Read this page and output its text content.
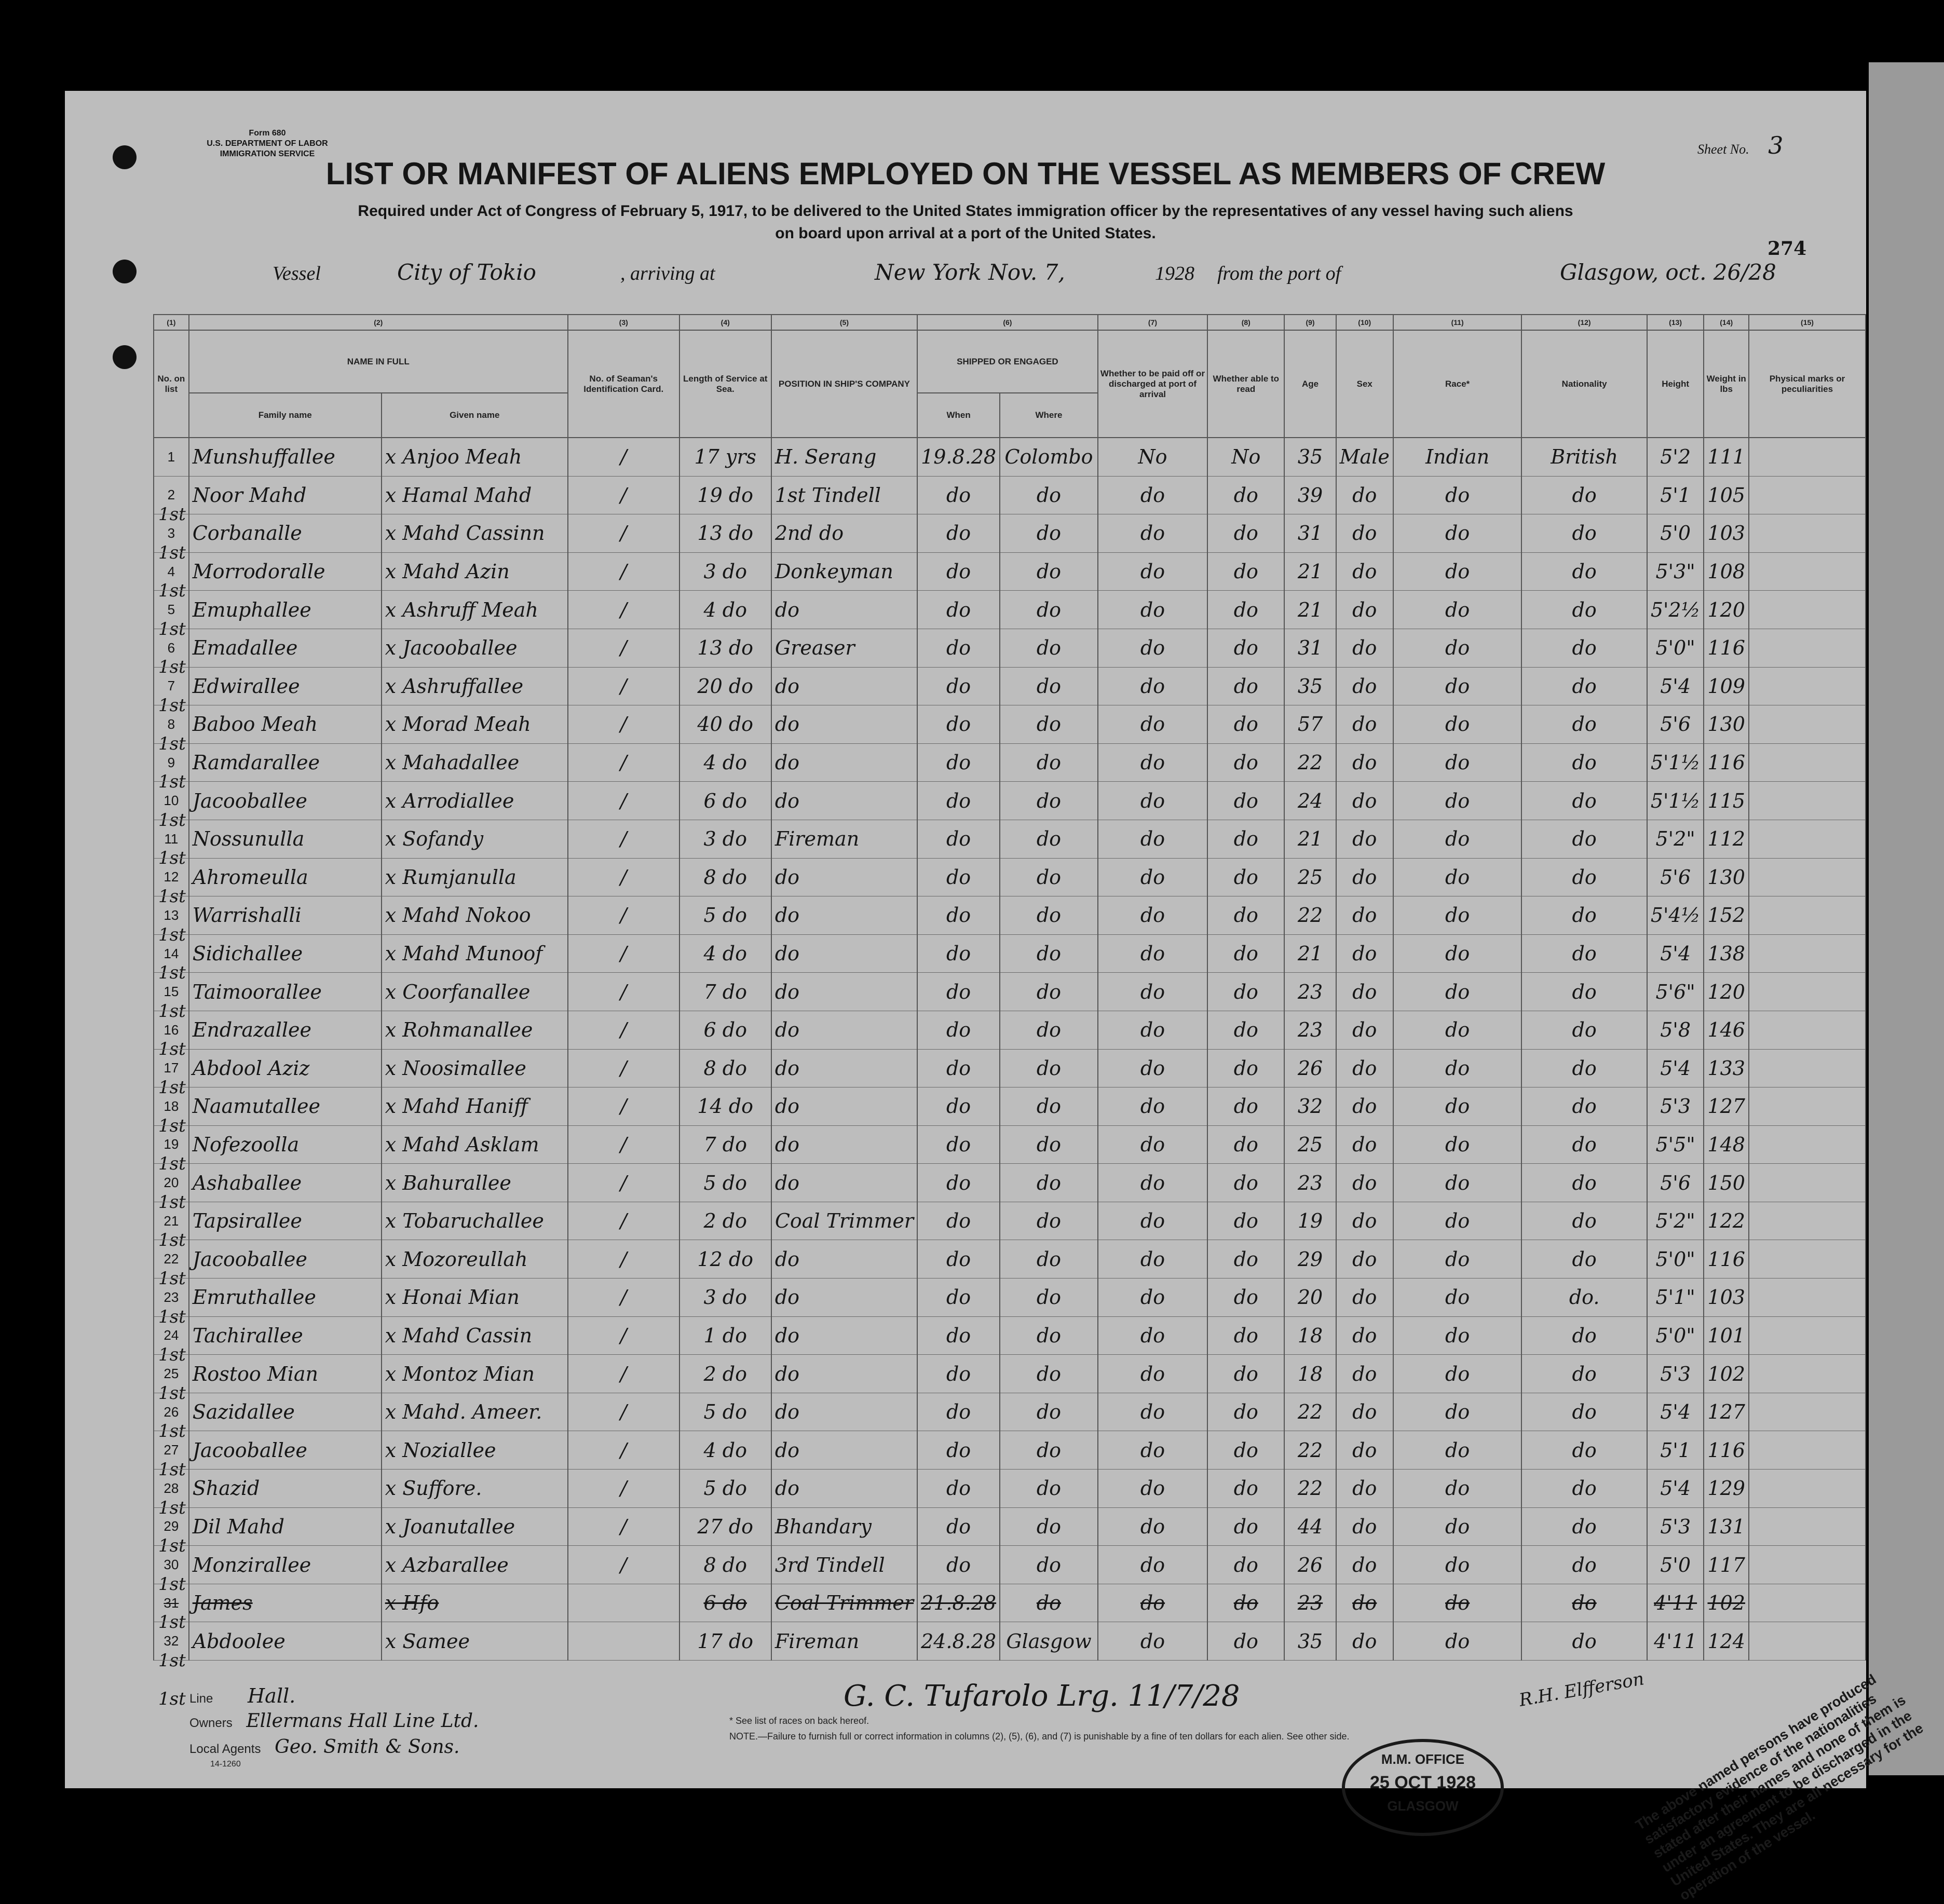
Form 680
U.S. DEPARTMENT OF LABOR
IMMIGRATION SERVICE	Sheet No. 3
LIST OR MANIFEST OF ALIENS EMPLOYED ON THE VESSEL AS MEMBERS OF CREW
Required under Act of Congress of February 5, 1917, to be delivered to the United States immigration officer by the representatives of any vessel having such aliens
on board upon arrival at a port of the United States.
Vessel	City of Tokio	, arriving at	New York Nov. 7,	1928 from the port of	Glasgow, oct. 26/28
274
1st
1st
1st
1st
1st
1st
1st
1st
1st
1st
1st
1st
1st
1st
1st
1st
1st
1st
1st
1st
1st
1st
1st
1st
1st
1st
1st
1st
1st
1st
1st
1st
(1)	(2)		(3)	(4)	(5)	(6)		(7)	(8)	(9)	(10)	(11)	(12)	(13)	(14)	(15)
No. on list	NAME IN FULL		No. of Seaman's Identification Card.	Length of Service at Sea.	POSITION IN SHIP'S COMPANY	SHIPPED OR ENGAGED		Whether to be paid off or discharged at port of arrival	Whether able to read	Age	Sex	Race*	Nationality	Height	Weight in lbs	Physical marks or peculiarities
	Family name	Given name				When	Where									
1	Munshuffallee	x Anjoo Meah	/	17 yrs	H. Serang	19.8.28	Colombo	No	No	35	Male	Indian	British	5'2	111	
2	Noor Mahd	x Hamal Mahd	/	19 do	1st Tindell	do	do	do	do	39	do	do	do	5'1	105	
3	Corbanalle	x Mahd Cassinn	/	13 do	2nd do	do	do	do	do	31	do	do	do	5'0	103	
4	Morrodoralle	x Mahd Azin	/	3 do	Donkeyman	do	do	do	do	21	do	do	do	5'3"	108	
5	Emuphallee	x Ashruff Meah	/	4 do	do	do	do	do	do	21	do	do	do	5'2½	120	
6	Emadallee	x Jacooballee	/	13 do	Greaser	do	do	do	do	31	do	do	do	5'0"	116	
7	Edwirallee	x Ashruffallee	/	20 do	do	do	do	do	do	35	do	do	do	5'4	109	
8	Baboo Meah	x Morad Meah	/	40 do	do	do	do	do	do	57	do	do	do	5'6	130	
9	Ramdarallee	x Mahadallee	/	4 do	do	do	do	do	do	22	do	do	do	5'1½	116	
10	Jacooballee	x Arrodiallee	/	6 do	do	do	do	do	do	24	do	do	do	5'1½	115	
11	Nossunulla	x Sofandy	/	3 do	Fireman	do	do	do	do	21	do	do	do	5'2"	112	
12	Ahromeulla	x Rumjanulla	/	8 do	do	do	do	do	do	25	do	do	do	5'6	130	
13	Warrishalli	x Mahd Nokoo	/	5 do	do	do	do	do	do	22	do	do	do	5'4½	152	
14	Sidichallee	x Mahd Munoof	/	4 do	do	do	do	do	do	21	do	do	do	5'4	138	
15	Taimoorallee	x Coorfanallee	/	7 do	do	do	do	do	do	23	do	do	do	5'6"	120	
16	Endrazallee	x Rohmanallee	/	6 do	do	do	do	do	do	23	do	do	do	5'8	146	
17	Abdool Aziz	x Noosimallee	/	8 do	do	do	do	do	do	26	do	do	do	5'4	133	
18	Naamutallee	x Mahd Haniff	/	14 do	do	do	do	do	do	32	do	do	do	5'3	127	
19	Nofezoolla	x Mahd Asklam	/	7 do	do	do	do	do	do	25	do	do	do	5'5"	148	
20	Ashaballee	x Bahurallee	/	5 do	do	do	do	do	do	23	do	do	do	5'6	150	
21	Tapsirallee	x Tobaruchallee	/	2 do	Coal Trimmer	do	do	do	do	19	do	do	do	5'2"	122	
22	Jacooballee	x Mozoreullah	/	12 do	do	do	do	do	do	29	do	do	do	5'0"	116	
23	Emruthallee	x Honai Mian	/	3 do	do	do	do	do	do	20	do	do	do.	5'1"	103	
24	Tachirallee	x Mahd Cassin	/	1 do	do	do	do	do	do	18	do	do	do	5'0"	101	
25	Rostoo Mian	x Montoz Mian	/	2 do	do	do	do	do	do	18	do	do	do	5'3	102	
26	Sazidallee	x Mahd. Ameer.	/	5 do	do	do	do	do	do	22	do	do	do	5'4	127	
27	Jacooballee	x Noziallee	/	4 do	do	do	do	do	do	22	do	do	do	5'1	116	
28	Shazid	x Suffore.	/	5 do	do	do	do	do	do	22	do	do	do	5'4	129	
29	Dil Mahd	x Joanutallee	/	27 do	Bhandary	do	do	do	do	44	do	do	do	5'3	131	
30	Monzirallee	x Azbarallee	/	8 do	3rd Tindell	do	do	do	do	26	do	do	do	5'0	117	
31	James	x Hfo		6 do	Coal Trimmer	21.8.28	do	do	do	23	do	do	do	4'11	102	
32	Abdoolee	x Samee		17 do	Fireman	24.8.28	Glasgow	do	do	35	do	do	do	4'11	124	
Line Hall.
Owners Ellermans Hall Line Ltd.
Local Agents Geo. Smith & Sons.
14-1260
G. C. Tufarolo Lrg. 11/7/28
* See list of races on back hereof.
NOTE.—Failure to furnish full or correct information in columns (2), (5), (6), and (7) is punishable by a fine of ten dollars for each alien. See other side.
M.M. OFFICE
25 OCT 1928
GLASGOW
R.H. Elfferson
The above named persons have produced satisfactory evidence of the nationalities stated after their names and none of them is under an agreement to be discharged in the United States. They are all necessary for the operation of the vessel.
